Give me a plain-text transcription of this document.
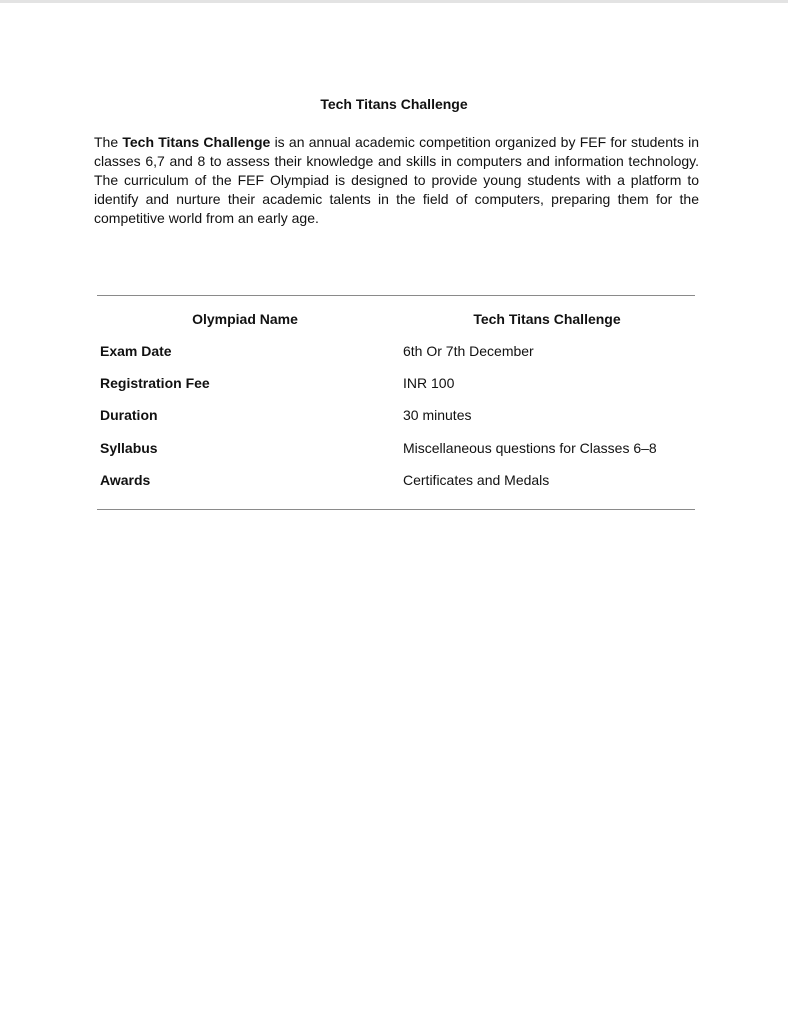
Tech Titans Challenge

The Tech Titans Challenge is an annual academic competition organized by FEF for students in classes 6,7 and 8 to assess their knowledge and skills in computers and information technology. The curriculum of the FEF Olympiad is designed to provide young students with a platform to identify and nurture their academic talents in the field of computers, preparing them for the competitive world from an early age.

Olympiad Name	Tech Titans Challenge
Exam Date	6th Or 7th December
Registration Fee	INR 100
Duration	30 minutes
Syllabus	Miscellaneous questions for Classes 6–8
Awards	Certificates and Medals
